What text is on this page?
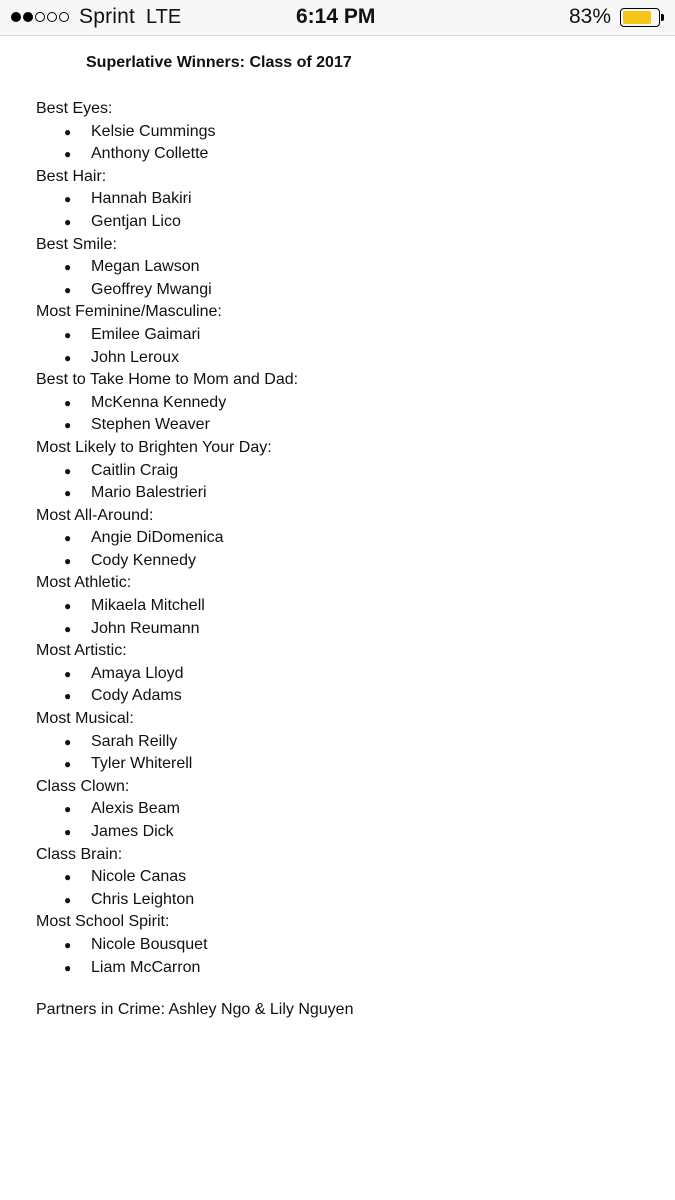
Sprint LTE	6:14 PM	83%
Superlative Winners: Class of 2017
Best Eyes:
● Kelsie Cummings
● Anthony Collette
Best Hair:
● Hannah Bakiri
● Gentjan Lico
Best Smile:
● Megan Lawson
● Geoffrey Mwangi
Most Feminine/Masculine:
● Emilee Gaimari
● John Leroux
Best to Take Home to Mom and Dad:
● McKenna Kennedy
● Stephen Weaver
Most Likely to Brighten Your Day:
● Caitlin Craig
● Mario Balestrieri
Most All-Around:
● Angie DiDomenica
● Cody Kennedy
Most Athletic:
● Mikaela Mitchell
● John Reumann
Most Artistic:
● Amaya Lloyd
● Cody Adams
Most Musical:
● Sarah Reilly
● Tyler Whiterell
Class Clown:
● Alexis Beam
● James Dick
Class Brain:
● Nicole Canas
● Chris Leighton
Most School Spirit:
● Nicole Bousquet
● Liam McCarron
Partners in Crime: Ashley Ngo & Lily Nguyen
